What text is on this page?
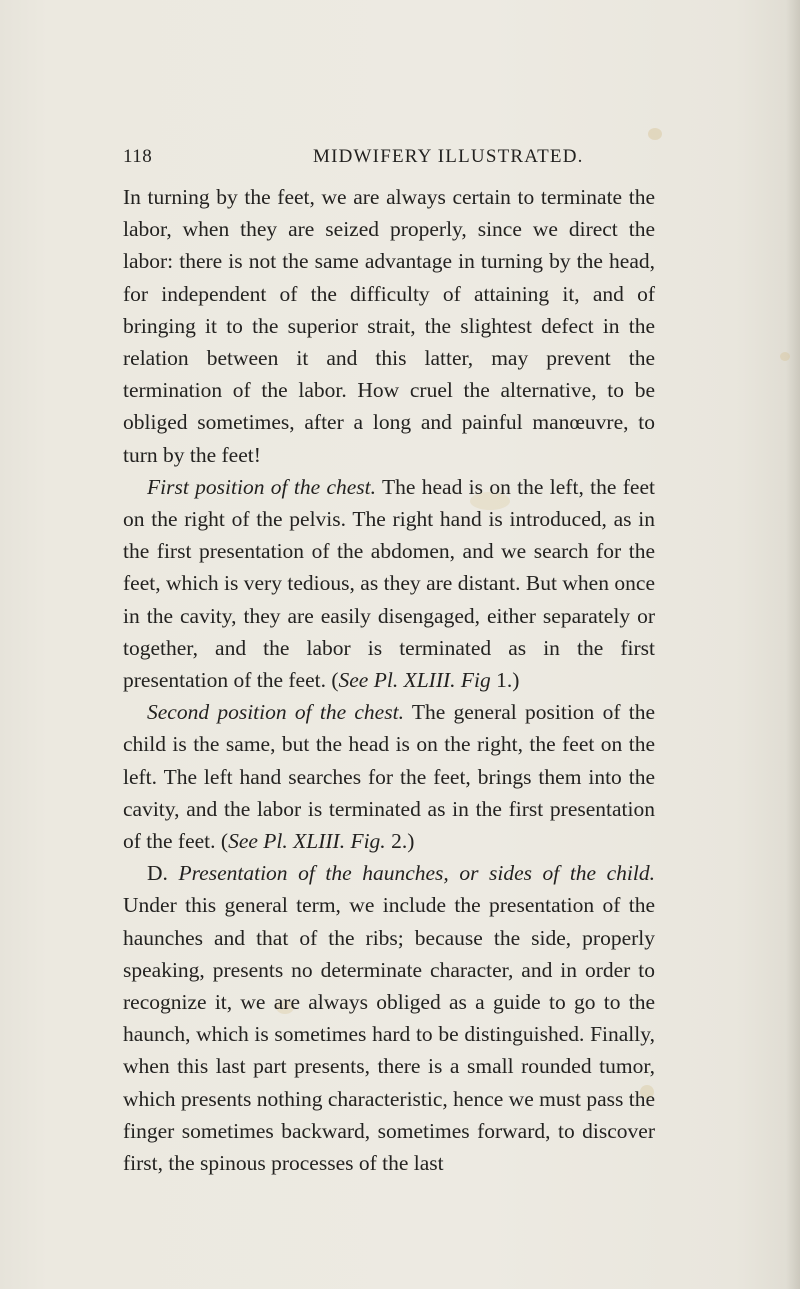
118	MIDWIFERY ILLUSTRATED.

In turning by the feet, we are always certain to terminate the labor, when they are seized properly, since we direct the labor: there is not the same advantage in turning by the head, for independent of the difficulty of attaining it, and of bringing it to the superior strait, the slightest defect in the relation between it and this latter, may prevent the termination of the labor. How cruel the alternative, to be obliged sometimes, after a long and painful manœuvre, to turn by the feet!

First position of the chest. The head is on the left, the feet on the right of the pelvis. The right hand is introduced, as in the first presentation of the abdomen, and we search for the feet, which is very tedious, as they are distant. But when once in the cavity, they are easily disengaged, either separately or together, and the labor is terminated as in the first presentation of the feet. (See Pl. XLIII. Fig 1.)

Second position of the chest. The general position of the child is the same, but the head is on the right, the feet on the left. The left hand searches for the feet, brings them into the cavity, and the labor is terminated as in the first presentation of the feet. (See Pl. XLIII. Fig. 2.)

D. Presentation of the haunches, or sides of the child. Under this general term, we include the presentation of the haunches and that of the ribs; because the side, properly speaking, presents no determinate character, and in order to recognize it, we are always obliged as a guide to go to the haunch, which is sometimes hard to be distinguished. Finally, when this last part presents, there is a small rounded tumor, which presents nothing characteristic, hence we must pass the finger sometimes backward, sometimes forward, to discover first, the spinous processes of the last
